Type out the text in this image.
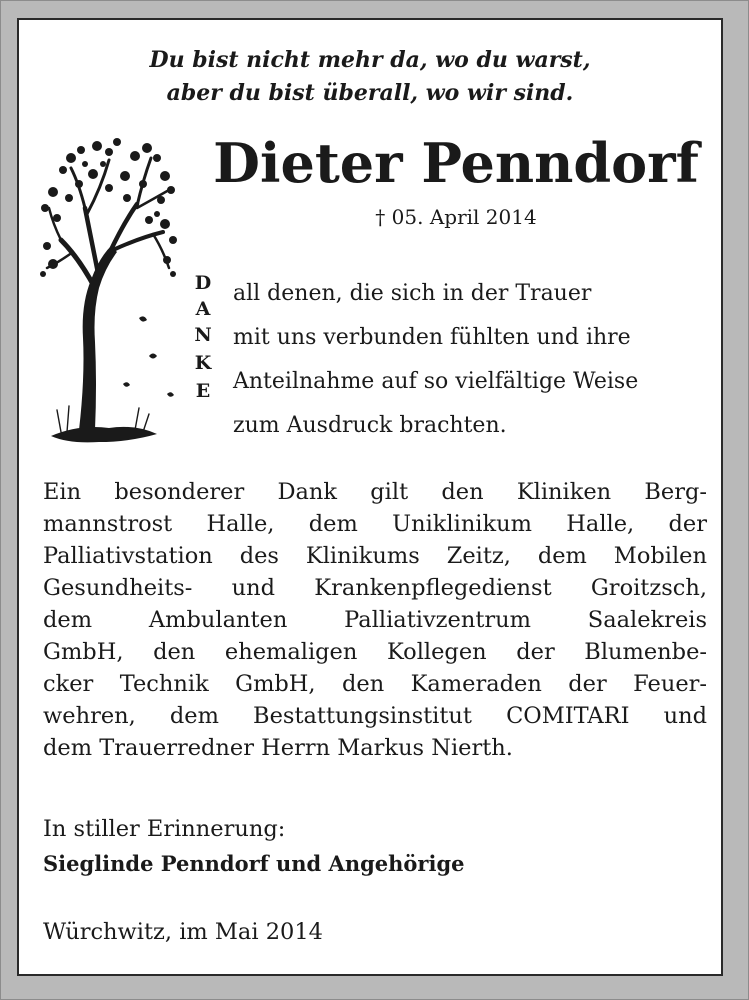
Du bist nicht mehr da, wo du warst,
aber du bist überall, wo wir sind.
Dieter Penndorf
† 05. April 2014
D
A
N
K
E
all denen, die sich in der Trauer
mit uns verbunden fühlten und ihre
Anteilnahme auf so vielfältige Weise
zum Ausdruck brachten.
Ein besonderer Dank gilt den Kliniken Berg-
mannstrost Halle, dem Uniklinikum Halle, der
Palliativstation des Klinikums Zeitz, dem Mobilen
Gesundheits- und Krankenpflegedienst Groitzsch,
dem Ambulanten Palliativzentrum Saalekreis
GmbH, den ehemaligen Kollegen der Blumenbe-
cker Technik GmbH, den Kameraden der Feuer-
wehren, dem Bestattungsinstitut COMITARI und
dem Trauerredner Herrn Markus Nierth.
In stiller Erinnerung:
Sieglinde Penndorf und Angehörige
Würchwitz, im Mai 2014
